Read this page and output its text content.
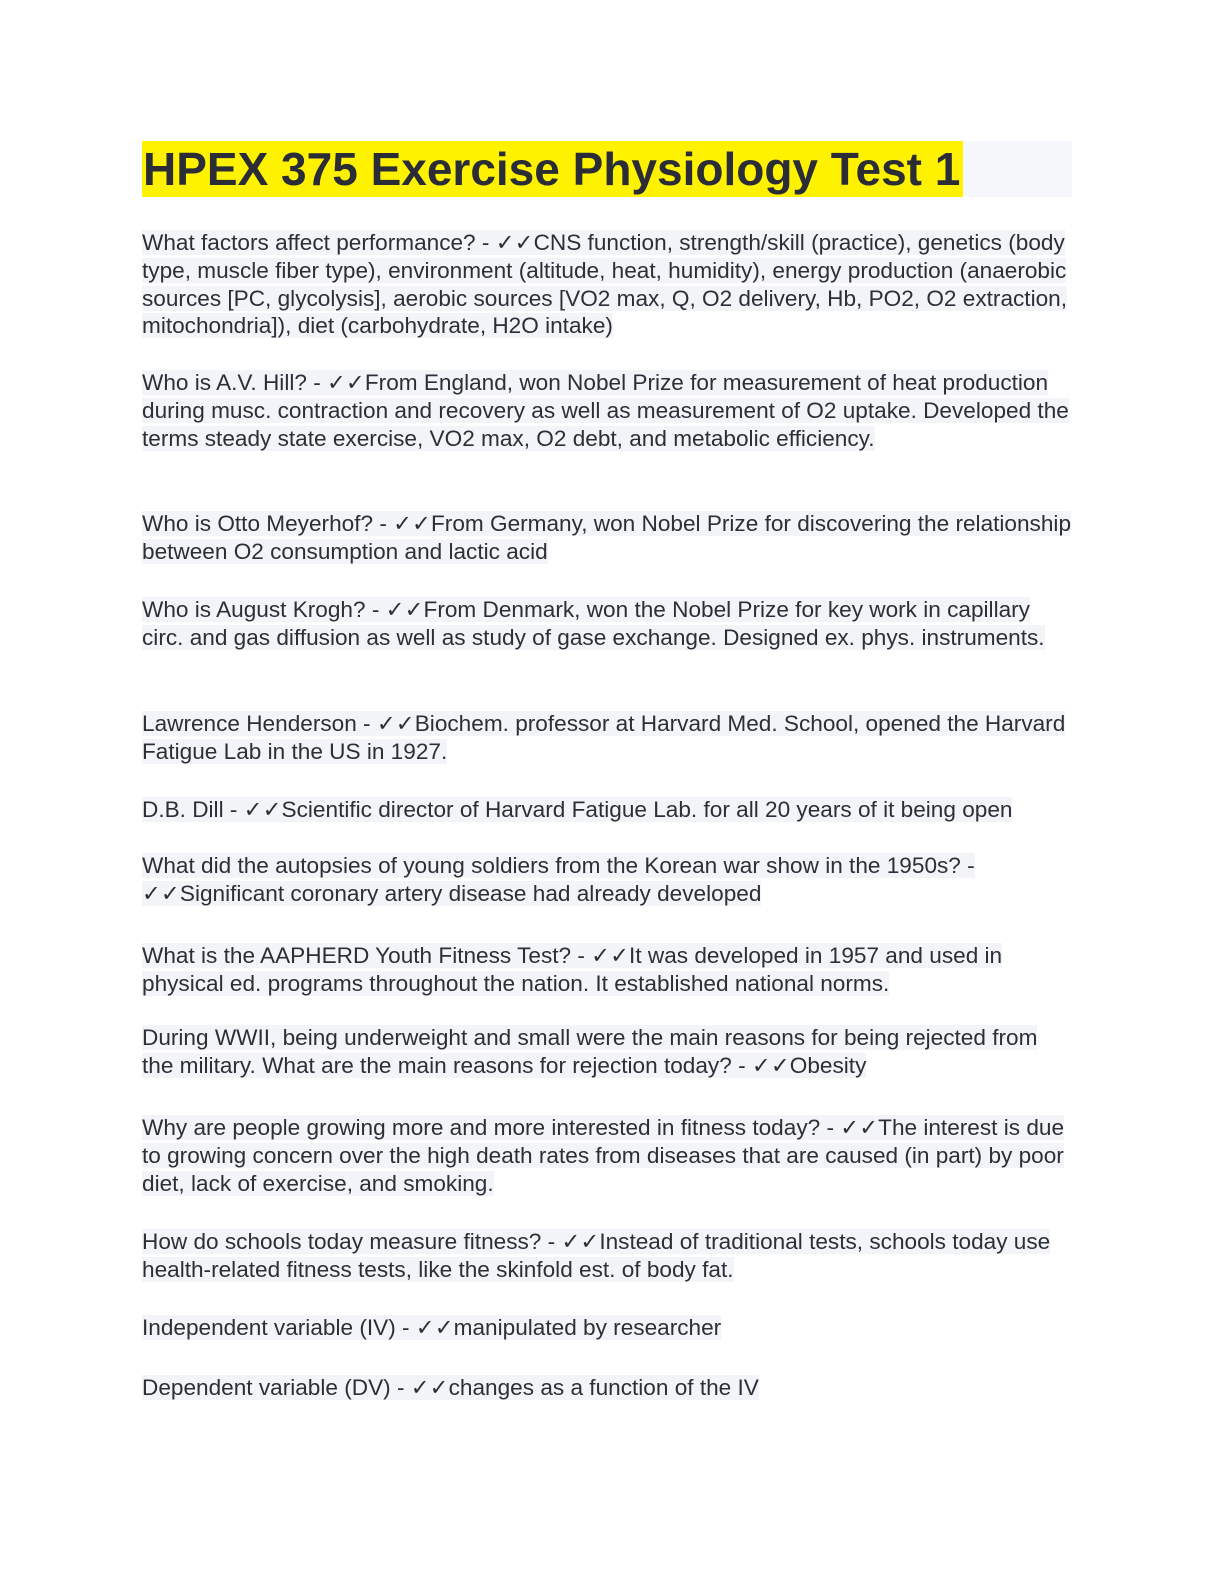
HPEX 375 Exercise Physiology Test 1

What factors affect performance? - ✓✓CNS function, strength/skill (practice), genetics (body type, muscle fiber type), environment (altitude, heat, humidity), energy production (anaerobic sources [PC, glycolysis], aerobic sources [VO2 max, Q, O2 delivery, Hb, PO2, O2 extraction, mitochondria]), diet (carbohydrate, H2O intake)

Who is A.V. Hill? - ✓✓From England, won Nobel Prize for measurement of heat production during musc. contraction and recovery as well as measurement of O2 uptake. Developed the terms steady state exercise, VO2 max, O2 debt, and metabolic efficiency.

Who is Otto Meyerhof? - ✓✓From Germany, won Nobel Prize for discovering the relationship between O2 consumption and lactic acid

Who is August Krogh? - ✓✓From Denmark, won the Nobel Prize for key work in capillary circ. and gas diffusion as well as study of gase exchange. Designed ex. phys. instruments.

Lawrence Henderson - ✓✓Biochem. professor at Harvard Med. School, opened the Harvard Fatigue Lab in the US in 1927.

D.B. Dill - ✓✓Scientific director of Harvard Fatigue Lab. for all 20 years of it being open

What did the autopsies of young soldiers from the Korean war show in the 1950s? - ✓✓Significant coronary artery disease had already developed

What is the AAPHERD Youth Fitness Test? - ✓✓It was developed in 1957 and used in physical ed. programs throughout the nation. It established national norms.

During WWII, being underweight and small were the main reasons for being rejected from the military. What are the main reasons for rejection today? - ✓✓Obesity

Why are people growing more and more interested in fitness today? - ✓✓The interest is due to growing concern over the high death rates from diseases that are caused (in part) by poor diet, lack of exercise, and smoking.

How do schools today measure fitness? - ✓✓Instead of traditional tests, schools today use health-related fitness tests, like the skinfold est. of body fat.

Independent variable (IV) - ✓✓manipulated by researcher

Dependent variable (DV) - ✓✓changes as a function of the IV
